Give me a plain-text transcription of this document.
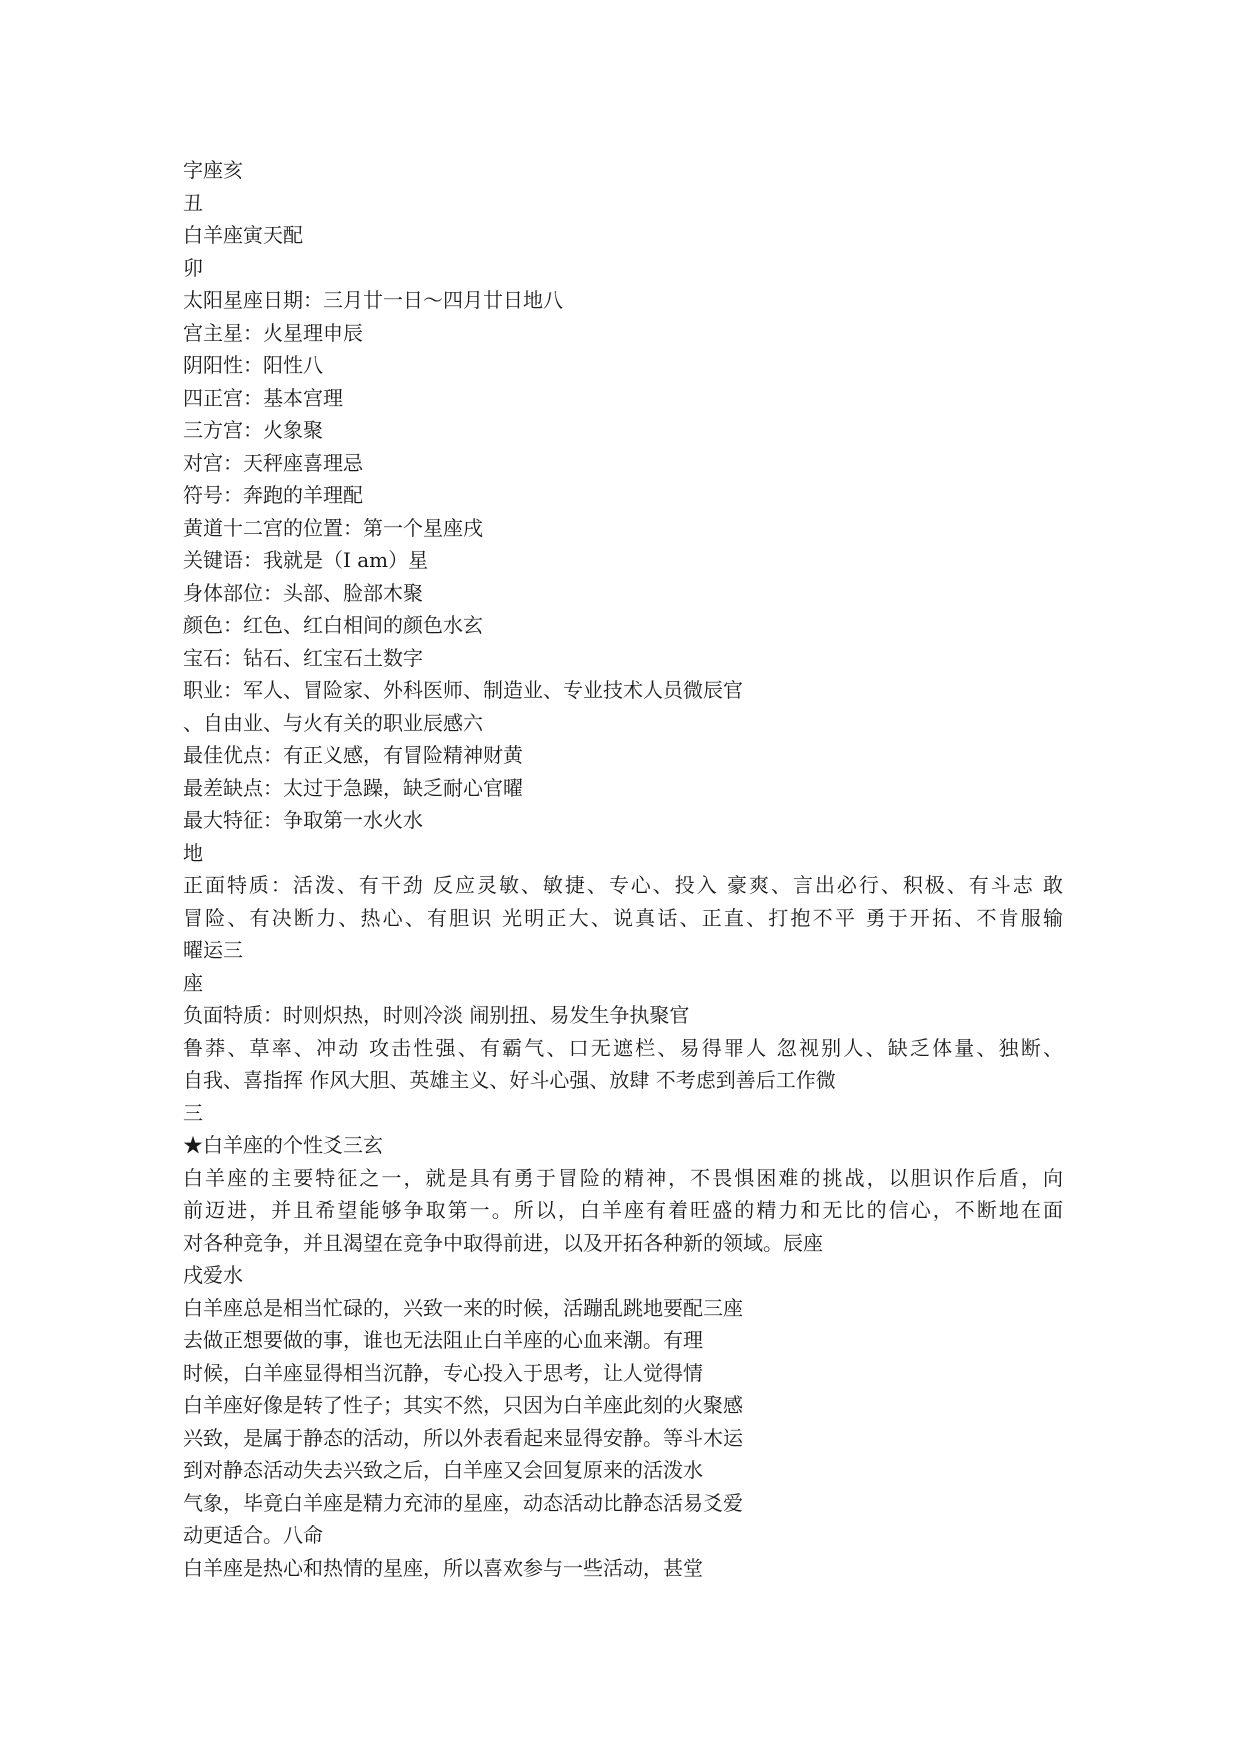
字座亥
丑
白羊座寅天配
卯
太阳星座日期：三月廿一日～四月廿日地八
宫主星：火星理申辰
阴阳性：阳性八
四正宫：基本宫理
三方宫：火象聚
对宫：天秤座喜理忌
符号：奔跑的羊理配
黄道十二宫的位置：第一个星座戌
关键语：我就是（I am）星
身体部位：头部、脸部木聚
颜色：红色、红白相间的颜色水玄
宝石：钻石、红宝石土数字
职业：军人、冒险家、外科医师、制造业、专业技术人员微辰官
、自由业、与火有关的职业辰感六
最佳优点：有正义感，有冒险精神财黄
最差缺点：太过于急躁，缺乏耐心官曜
最大特征：争取第一水火水
地
正面特质：活泼、有干劲 反应灵敏、敏捷、专心、投入 豪爽、言出必行、积极、有斗志 敢
冒险、有决断力、热心、有胆识 光明正大、说真话、正直、打抱不平 勇于开拓、不肯服输
曜运三
座
负面特质：时则炽热，时则冷淡 闹别扭、易发生争执聚官
鲁莽、草率、冲动 攻击性强、有霸气、口无遮栏、易得罪人 忽视别人、缺乏体量、独断、
自我、喜指挥 作风大胆、英雄主义、好斗心强、放肆 不考虑到善后工作微
三
★白羊座的个性爻三玄
白羊座的主要特征之一，就是具有勇于冒险的精神，不畏惧困难的挑战，以胆识作后盾，向
前迈进，并且希望能够争取第一。所以，白羊座有着旺盛的精力和无比的信心，不断地在面
对各种竞争，并且渴望在竞争中取得前进，以及开拓各种新的领域。辰座
戌爱水
白羊座总是相当忙碌的，兴致一来的时候，活蹦乱跳地要配三座
去做正想要做的事，谁也无法阻止白羊座的心血来潮。有理
时候，白羊座显得相当沉静，专心投入于思考，让人觉得情
白羊座好像是转了性子；其实不然，只因为白羊座此刻的火聚感
兴致，是属于静态的活动，所以外表看起来显得安静。等斗木运
到对静态活动失去兴致之后，白羊座又会回复原来的活泼水
气象，毕竟白羊座是精力充沛的星座，动态活动比静态活易爻爱
动更适合。八命
白羊座是热心和热情的星座，所以喜欢参与一些活动，甚堂
